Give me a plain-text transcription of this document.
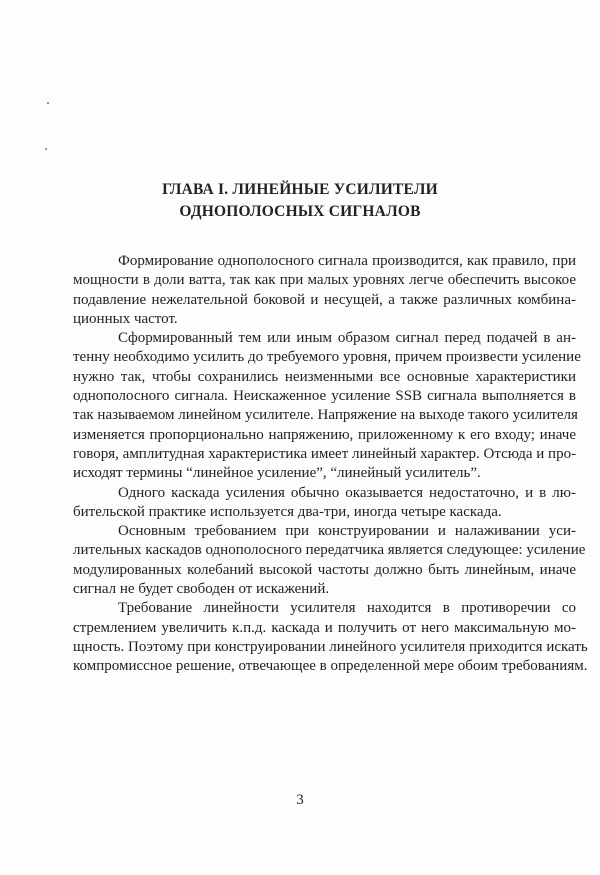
ГЛАВА I. ЛИНЕЙНЫЕ УСИЛИТЕЛИ
ОДНОПОЛОСНЫХ СИГНАЛОВ
Формирование однополосного сигнала производится, как правило, при
мощности в доли ватта, так как при малых уровнях легче обеспечить высокое
подавление нежелательной боковой и несущей, а также различных комбина-
ционных частот.
Сформированный тем или иным образом сигнал перед подачей в ан-
тенну необходимо усилить до требуемого уровня, причем произвести усиление
нужно так, чтобы сохранились неизменными все основные характеристики
однополосного сигнала. Неискаженное усиление SSB сигнала выполняется в
так называемом линейном усилителе. Напряжение на выходе такого усилителя
изменяется пропорционально напряжению, приложенному к его входу; иначе
говоря, амплитудная характеристика имеет линейный характер. Отсюда и про-
исходят термины “линейное усиление”, “линейный усилитель”.
Одного каскада усиления обычно оказывается недостаточно, и в лю-
бительской практике используется два-три, иногда четыре каскада.
Основным требованием при конструировании и налаживании уси-
лительных каскадов однополосного передатчика является следующее: усиление
модулированных колебаний высокой частоты должно быть линейным, иначе
сигнал не будет свободен от искажений.
Требование линейности усилителя находится в противоречии со
стремлением увеличить к.п.д. каскада и получить от него максимальную мо-
щность. Поэтому при конструировании линейного усилителя приходится искать
компромиссное решение, отвечающее в определенной мере обоим требованиям.
3
